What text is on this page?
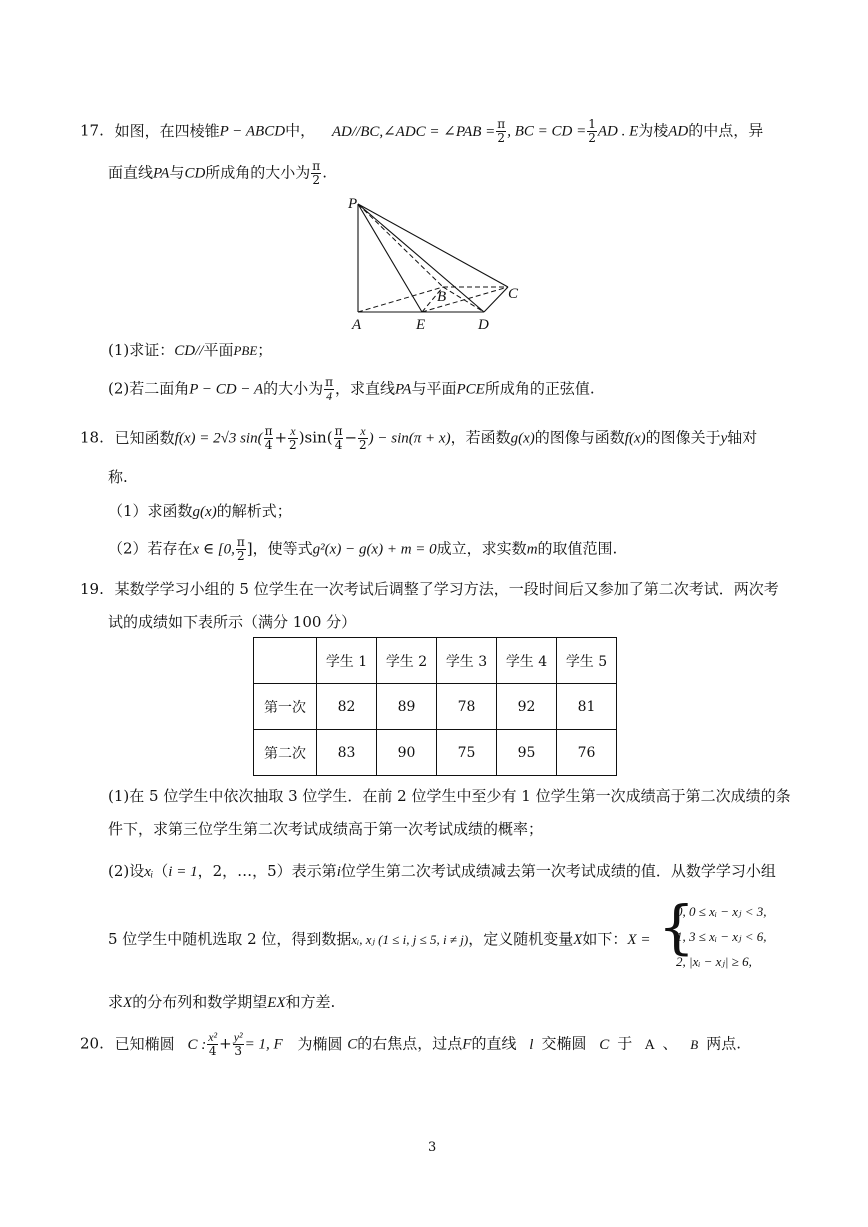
17. 如图，在四棱锥P − ABCD中， AD//BC,∠ADC = ∠PAB = $\frac{\pi}{2}$ , BC = CD = $\frac{1}{2}$ AD . E为棱AD的中点，异
面直线PA与CD所成角的大小为 $\frac{\pi}{2}$ .
P
A	E	D
B	C
(1)求证：CD//平面PBE；
(2)若二面角P − CD − A的大小为 $\frac{\pi}{4}$ ，求直线PA与平面PCE所成角的正弦值.
18. 已知函数f(x) = 2√3 $\sin( \frac{\pi}{4} + \frac{x}{2} )\sin( \frac{\pi}{4} - \frac{x}{2}$ ) − sin(π + x)，若函数g(x)的图像与函数f(x)的图像关于y轴对
称.
（1）求函数g(x)的解析式；
（2）若存在x ∈ [0, $\frac{\pi}{2}$ ]，使等式g²(x) − g(x) + m = 0成立，求实数m的取值范围.
19. 某数学学习小组的 5 位学生在一次考试后调整了学习方法，一段时间后又参加了第二次考试．两次考
试的成绩如下表所示（满分 100 分）
	学生 1	学生 2	学生 3	学生 4	学生 5
第一次	82	89	78	92	81
第二次	83	90	75	95	76
(1)在 5 位学生中依次抽取 3 位学生．在前 2 位学生中至少有 1 位学生第一次成绩高于第二次成绩的条
件下，求第三位学生第二次考试成绩高于第一次考试成绩的概率；
(2)设xᵢ（i = 1，2，…，5）表示第i位学生第二次考试成绩减去第一次考试成绩的值．从数学学习小组
5 位学生中随机选取 2 位，得到数据xᵢ, xⱼ (1 ≤ i, j ≤ 5, i ≠ j)，定义随机变量X如下：X = {
0, 0 ≤ xᵢ − xⱼ < 3,
1, 3 ≤ xᵢ − xⱼ < 6,
2, |xᵢ − xⱼ| ≥ 6,
求X的分布列和数学期望EX和方差.
20. 已知椭圆 C : $\frac{\text{x²}}{4} + \frac{\text{y²}}{3} = 1$, F 为椭圆 C的右焦点，过点F的直线 l 交椭圆 C 于 A 、 B 两点.
3
